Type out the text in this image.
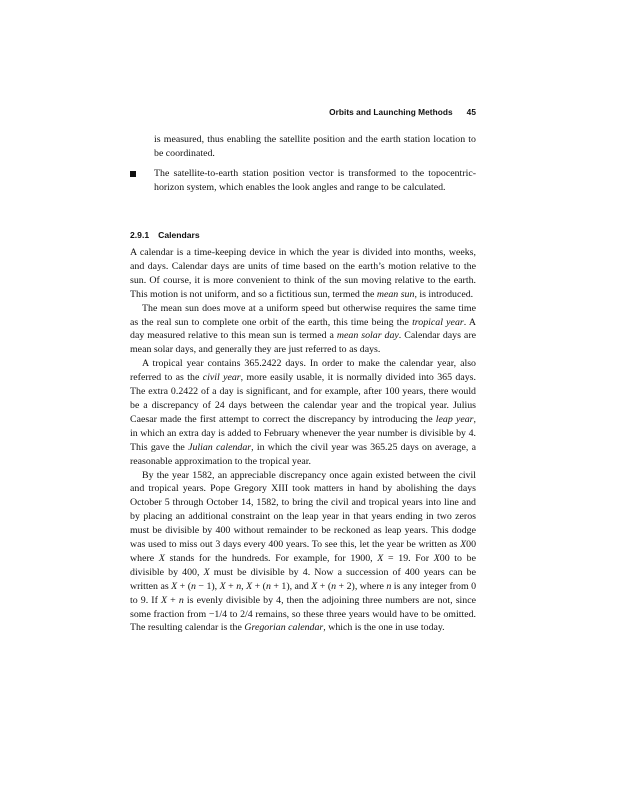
Orbits and Launching Methods 45

is measured, thus enabling the satellite position and the earth station location to be coordinated.

The satellite-to-earth station position vector is transformed to the topocentric-horizon system, which enables the look angles and range to be calculated.
2.9.1 Calendars

A calendar is a time-keeping device in which the year is divided into months, weeks, and days. Calendar days are units of time based on the earth’s motion relative to the sun. Of course, it is more convenient to think of the sun moving relative to the earth. This motion is not uniform, and so a fictitious sun, termed the mean sun, is introduced.

The mean sun does move at a uniform speed but otherwise requires the same time as the real sun to complete one orbit of the earth, this time being the tropical year. A day measured relative to this mean sun is termed a mean solar day. Calendar days are mean solar days, and generally they are just referred to as days.

A tropical year contains 365.2422 days. In order to make the calendar year, also referred to as the civil year, more easily usable, it is normally divided into 365 days. The extra 0.2422 of a day is significant, and for example, after 100 years, there would be a discrepancy of 24 days between the calendar year and the tropical year. Julius Caesar made the first attempt to correct the discrepancy by introducing the leap year, in which an extra day is added to February whenever the year number is divisible by 4. This gave the Julian calendar, in which the civil year was 365.25 days on average, a reasonable approximation to the tropical year.

By the year 1582, an appreciable discrepancy once again existed between the civil and tropical years. Pope Gregory XIII took matters in hand by abolishing the days October 5 through October 14, 1582, to bring the civil and tropical years into line and by placing an additional constraint on the leap year in that years ending in two zeros must be divisible by 400 without remainder to be reckoned as leap years. This dodge was used to miss out 3 days every 400 years. To see this, let the year be written as X00 where X stands for the hundreds. For example, for 1900, X = 19. For X00 to be divisible by 400, X must be divisible by 4. Now a succession of 400 years can be written as X + (n − 1), X + n, X + (n + 1), and X + (n + 2), where n is any integer from 0 to 9. If X + n is evenly divisible by 4, then the adjoining three numbers are not, since some fraction from −1/4 to 2/4 remains, so these three years would have to be omitted. The resulting calendar is the Gregorian calendar, which is the one in use today.
